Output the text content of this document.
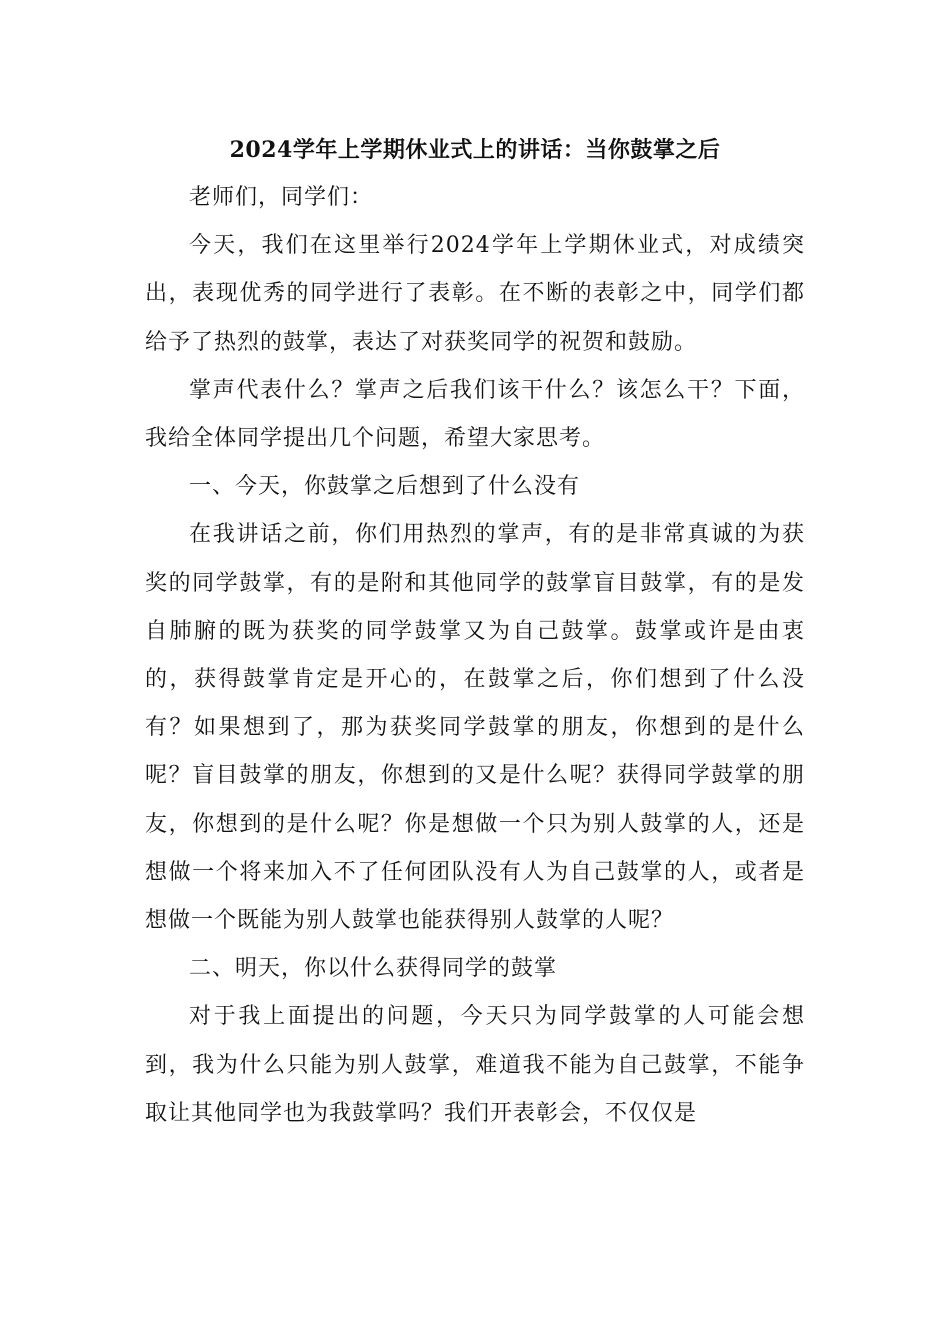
2024学年上学期休业式上的讲话：当你鼓掌之后

老师们，同学们：

今天，我们在这里举行2024学年上学期休业式，对成绩突出，表现优秀的同学进行了表彰。在不断的表彰之中，同学们都给予了热烈的鼓掌，表达了对获奖同学的祝贺和鼓励。

掌声代表什么？掌声之后我们该干什么？该怎么干？下面，我给全体同学提出几个问题，希望大家思考。

一、今天，你鼓掌之后想到了什么没有

在我讲话之前，你们用热烈的掌声，有的是非常真诚的为获奖的同学鼓掌，有的是附和其他同学的鼓掌盲目鼓掌，有的是发自肺腑的既为获奖的同学鼓掌又为自己鼓掌。鼓掌或许是由衷的，获得鼓掌肯定是开心的，在鼓掌之后，你们想到了什么没有？如果想到了，那为获奖同学鼓掌的朋友，你想到的是什么呢？盲目鼓掌的朋友，你想到的又是什么呢？获得同学鼓掌的朋友，你想到的是什么呢？你是想做一个只为别人鼓掌的人，还是想做一个将来加入不了任何团队没有人为自己鼓掌的人，或者是想做一个既能为别人鼓掌也能获得别人鼓掌的人呢？

二、明天，你以什么获得同学的鼓掌

对于我上面提出的问题，今天只为同学鼓掌的人可能会想到，我为什么只能为别人鼓掌，难道我不能为自己鼓掌，不能争取让其他同学也为我鼓掌吗？我们开表彰会，不仅仅是
